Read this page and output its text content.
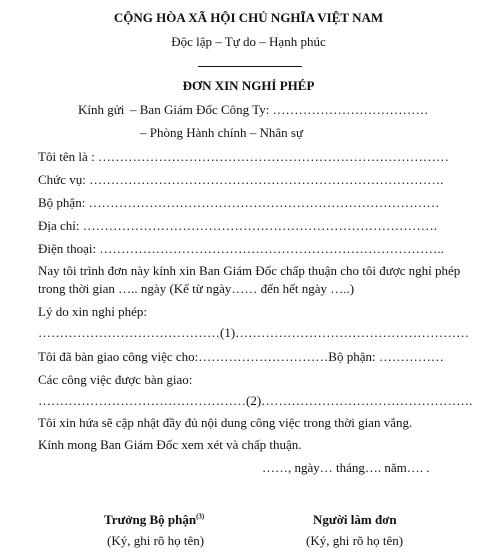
CỘNG HÒA XÃ HỘI CHỦ NGHĨA VIỆT NAM
Độc lập – Tự do – Hạnh phúc
ĐƠN XIN NGHỈ PHÉP
Kính gửi – Ban Giám Đốc Công Ty: ………………………………
– Phòng Hành chính – Nhân sự
Tôi tên là : ………………………………………………………………………
Chức vụ: ……………………………………………………………………….
Bộ phận: ………………………………………………………………………
Địa chỉ: ……………………………………………………………………….
Điện thoại: ……………………………………………………………………..
Nay tôi trình đơn này kính xin Ban Giám Đốc chấp thuận cho tôi được nghỉ phép
trong thời gian ….. ngày (Kể từ ngày…… đến hết ngày …..)
Lý do xin nghỉ phép:
……………………………………(1)………………………………………………
Tôi đã bàn giao công việc cho:…………………………Bộ phận: ……………
Các công việc được bàn giao:
…………………………………………(2)………………………………………….
Tôi xin hứa sẽ cập nhật đầy đủ nội dung công việc trong thời gian vắng.
Kính mong Ban Giám Đốc xem xét và chấp thuận.
……, ngày… tháng…. năm…. .
Trưởng Bộ phận$^{(3)}$
(Ký, ghi rõ họ tên)
Người làm đơn
(Ký, ghi rõ họ tên)
